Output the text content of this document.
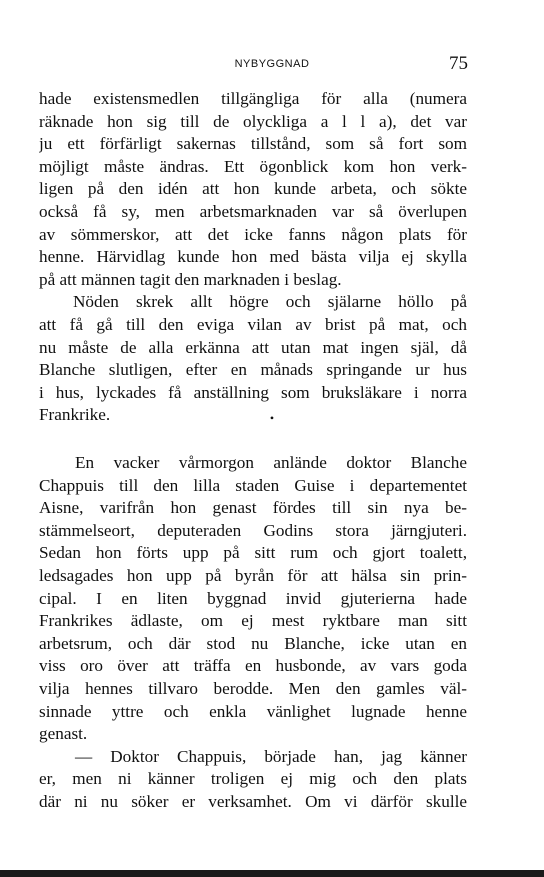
NYBYGGNAD	75
hade existensmedlen tillgängliga för alla (numera
räknade hon sig till de olyckliga a l l a), det var
ju ett förfärligt sakernas tillstånd, som så fort som
möjligt måste ändras. Ett ögonblick kom hon verk-
ligen på den idén att hon kunde arbeta, och sökte
också få sy, men arbetsmarknaden var så överlupen
av sömmerskor, att det icke fanns någon plats för
henne. Härvidlag kunde hon med bästa vilja ej skylla
på att männen tagit den marknaden i beslag.
Nöden skrek allt högre och själarne höllo på
att få gå till den eviga vilan av brist på mat, och
nu måste de alla erkänna att utan mat ingen själ, då
Blanche slutligen, efter en månads springande ur hus
i hus, lyckades få anställning som bruksläkare i norra
Frankrike.	•
En vacker vårmorgon anlände doktor Blanche
Chappuis till den lilla staden Guise i departementet
Aisne, varifrån hon genast fördes till sin nya be-
stämmelseort, deputeraden Godins stora järngjuteri.
Sedan hon förts upp på sitt rum och gjort toalett,
ledsagades hon upp på byrån för att hälsa sin prin-
cipal. I en liten byggnad invid gjuterierna hade
Frankrikes ädlaste, om ej mest ryktbare man sitt
arbetsrum, och där stod nu Blanche, icke utan en
viss oro över att träffa en husbonde, av vars goda
vilja hennes tillvaro berodde. Men den gamles väl-
sinnade yttre och enkla vänlighet lugnade henne
genast.
— Doktor Chappuis, började han, jag känner
er, men ni känner troligen ej mig och den plats
där ni nu söker er verksamhet. Om vi därför skulle
